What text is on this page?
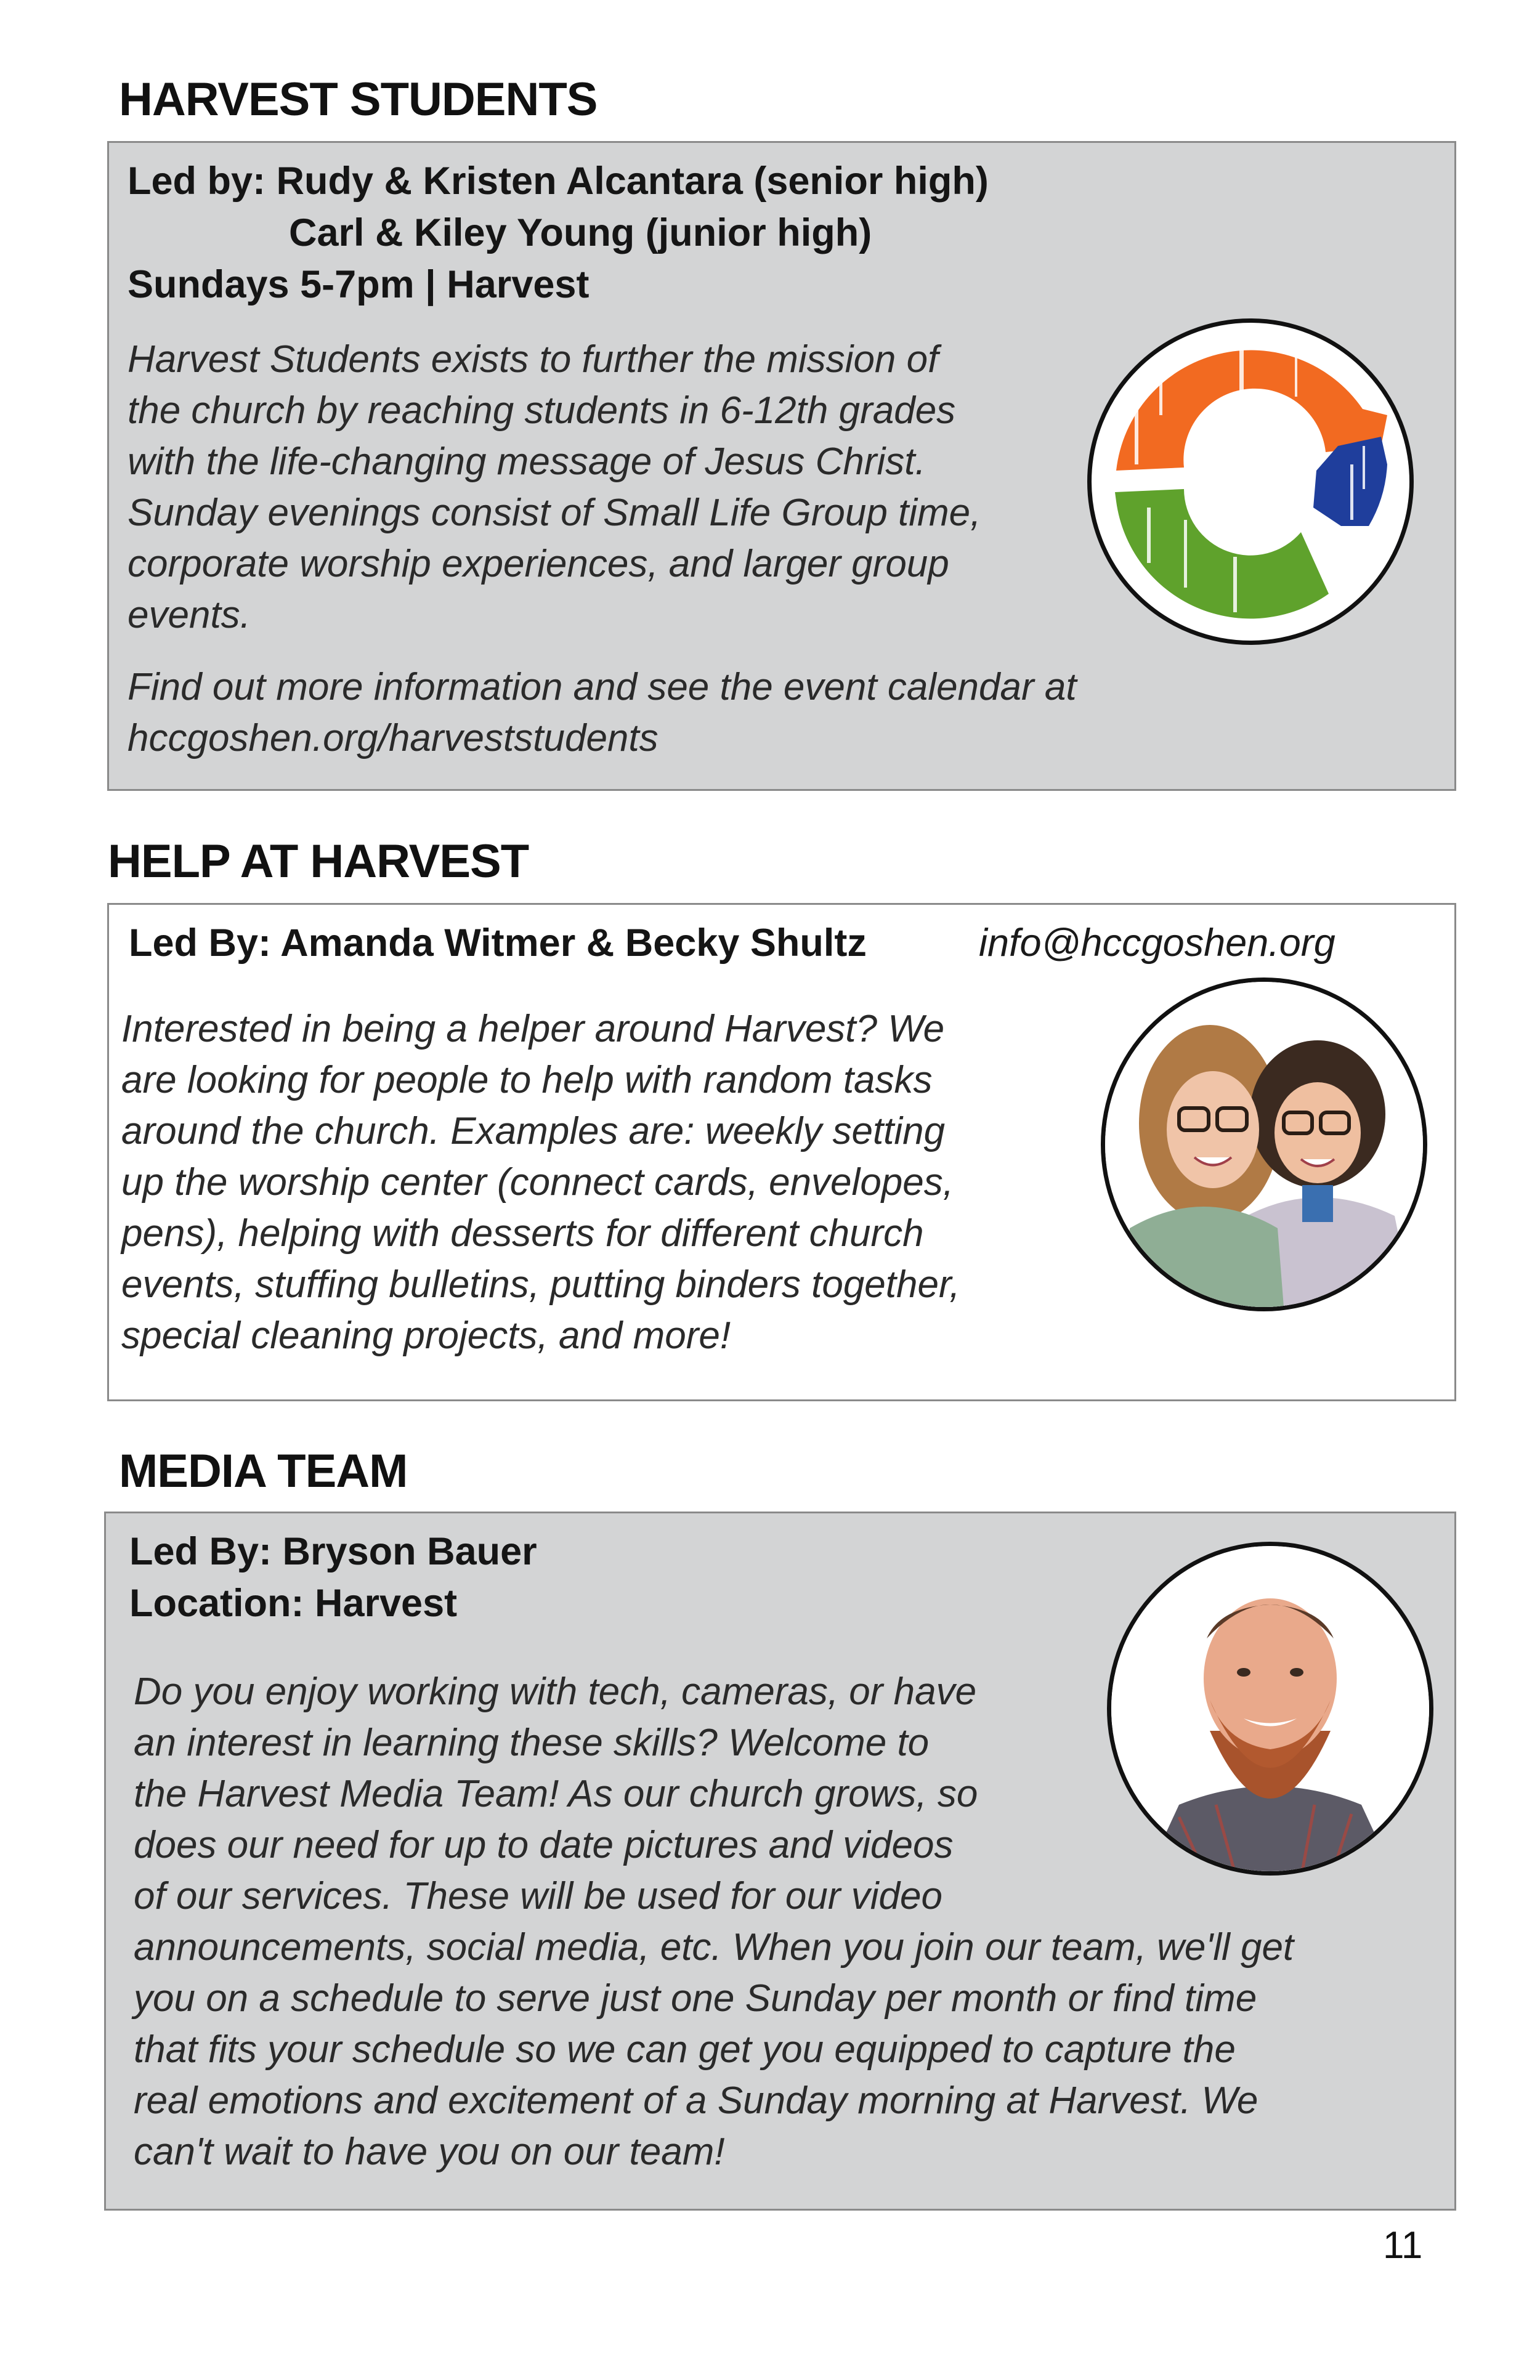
HARVEST STUDENTS
Led by: Rudy & Kristen Alcantara (senior high)
Carl & Kiley Young (junior high)
Sundays 5-7pm | Harvest
Harvest Students exists to further the mission of
the church by reaching students in 6-12th grades
with the life-changing message of Jesus Christ.
Sunday evenings consist of Small Life Group time,
corporate worship experiences, and larger group
events.
Find out more information and see the event calendar at
hccgoshen.org/harveststudents
HELP AT HARVEST
Led By: Amanda Witmer & Becky Shultz	info@hccgoshen.org
Interested in being a helper around Harvest? We
are looking for people to help with random tasks
around the church. Examples are: weekly setting
up the worship center (connect cards, envelopes,
pens), helping with desserts for different church
events, stuffing bulletins, putting binders together,
special cleaning projects, and more!
MEDIA TEAM
Led By: Bryson Bauer
Location: Harvest
Do you enjoy working with tech, cameras, or have
an interest in learning these skills? Welcome to
the Harvest Media Team! As our church grows, so
does our need for up to date pictures and videos
of our services. These will be used for our video
announcements, social media, etc. When you join our team, we'll get
you on a schedule to serve just one Sunday per month or find time
that fits your schedule so we can get you equipped to capture the
real emotions and excitement of a Sunday morning at Harvest. We
can't wait to have you on our team!
11
